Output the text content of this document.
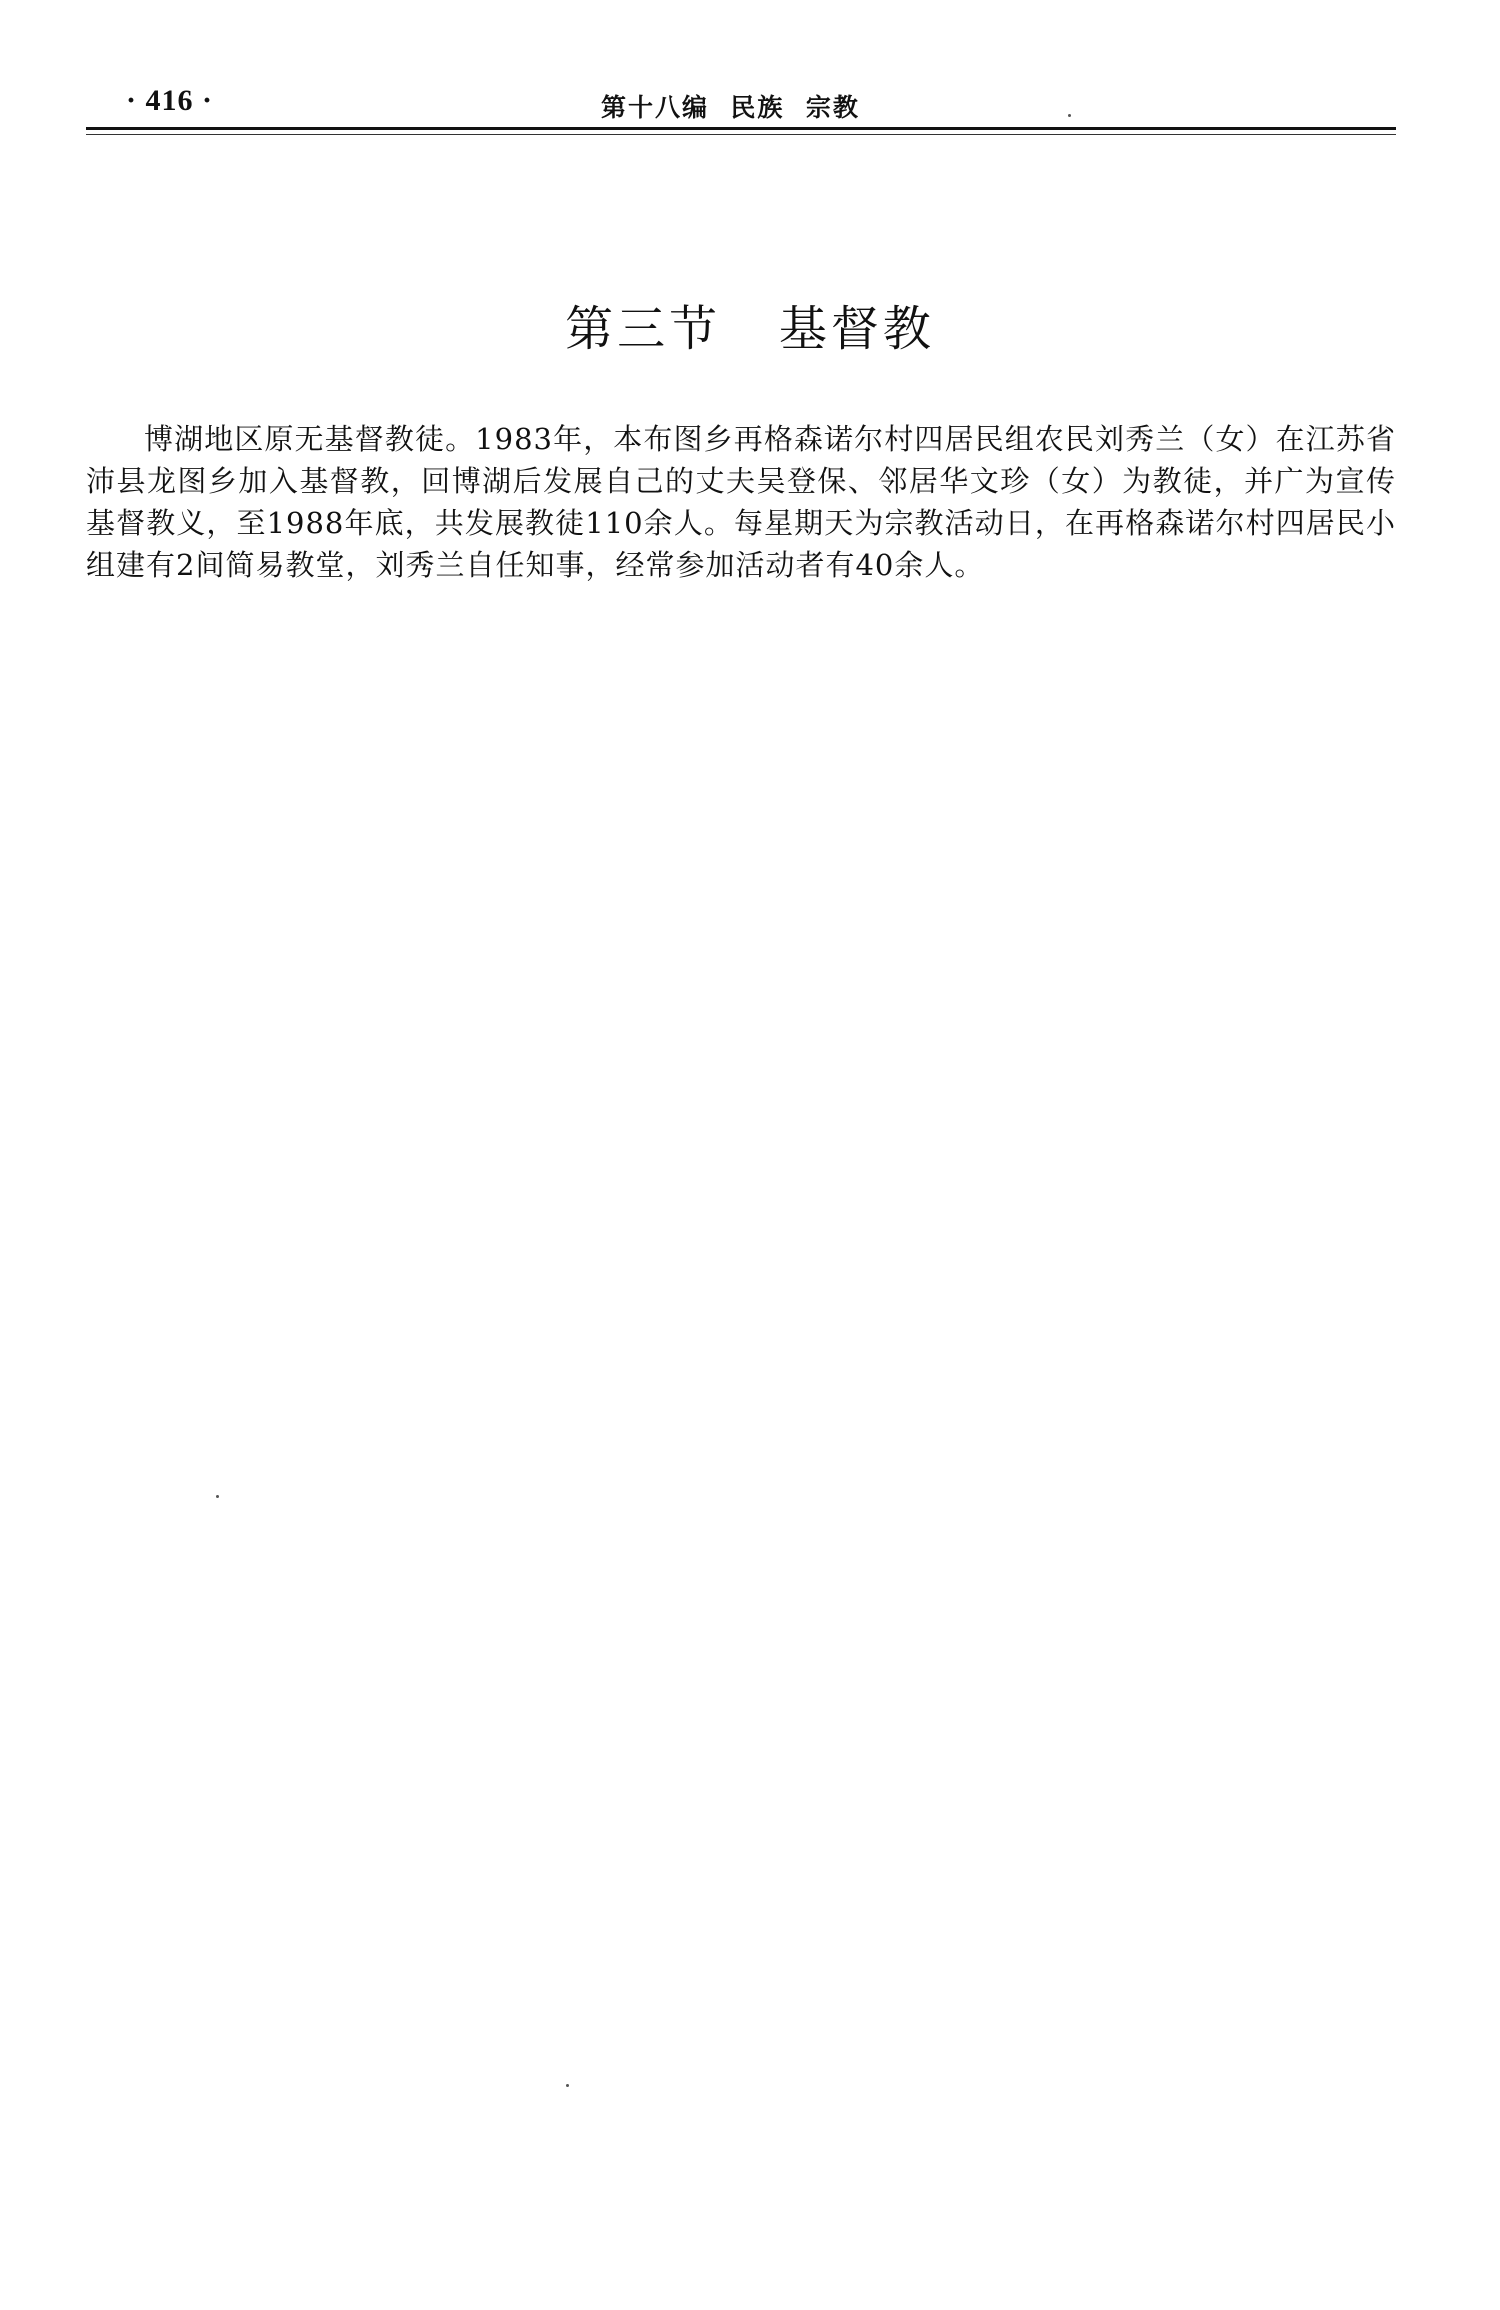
· 416 ·	第十八编  民族  宗教
第三节   基督教

博湖地区原无基督教徒。1983年，本布图乡再格森诺尔村四居民组农民刘秀兰（女）在江苏省沛县龙图乡加入基督教，回博湖后发展自己的丈夫吴登保、邻居华文珍（女）为教徒，并广为宣传基督教义，至1988年底，共发展教徒110余人。每星期天为宗教活动日，在再格森诺尔村四居民小组建有2间简易教堂，刘秀兰自任知事，经常参加活动者有40余人。
